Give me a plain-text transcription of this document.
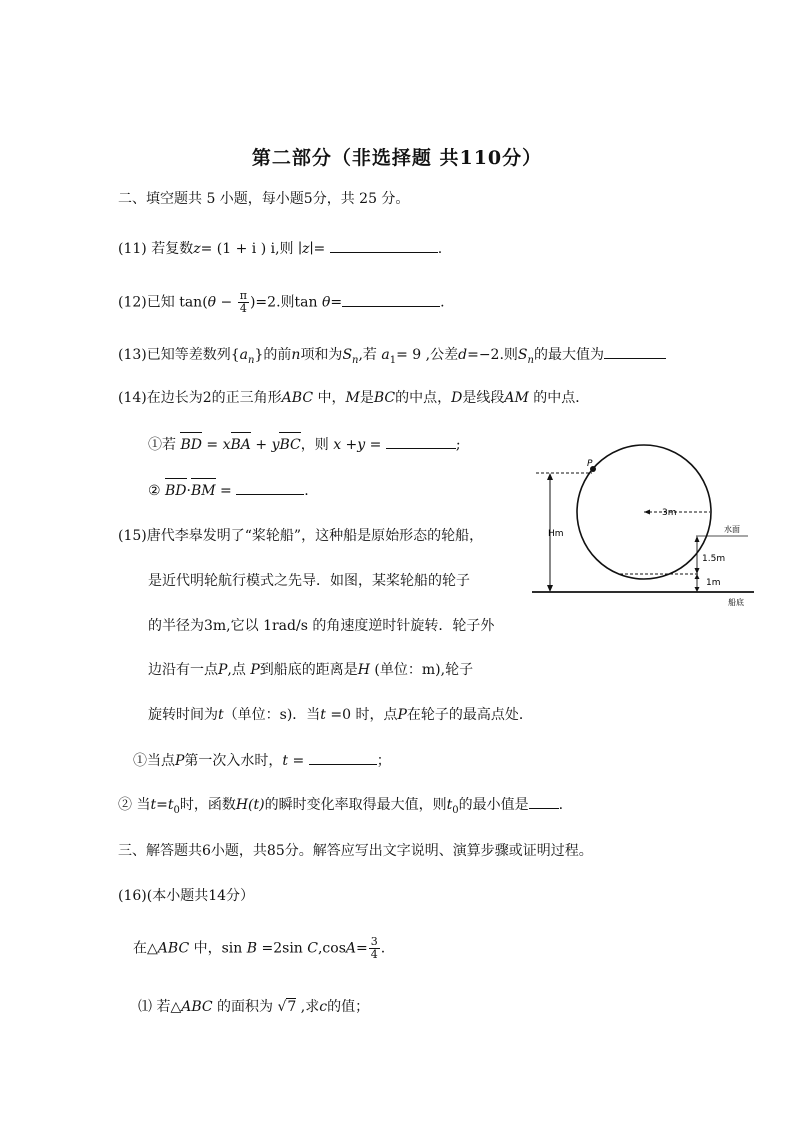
第二部分（非选择题 共110分）
二、填空题共 5 小题，每小题5分，共 25 分。
(11) 若复数z= (1 + i ) i,则 ∣z∣=	.
(12)已知 $\tan(\theta - \frac{\pi}{4} )=2$.则tan θ=	.
(13)已知等差数列$\{a_n\}$的前n项和为$S_n$,若 $a_1= 9$ ,公差d=−2.则$S_n$的最大值为
(14)在边长为2的正三角形ABC 中，M是BC的中点，D是线段AM 的中点．
①若 BD = xBA + yBC，则 x +y =	;
② BD·BM =	.
(15)唐代李皋发明了“桨轮船”，这种船是原始形态的轮船，
是近代明轮航行模式之先导．如图，某桨轮船的轮子
的半径为3m,它以 1rad/s 的角速度逆时针旋转．轮子外
边沿有一点P,点 P到船底的距离是H (单位：m),轮子
旋转时间为t（单位：s)．当t =0 时，点P在轮子的最高点处．
①当点P第一次入水时，t =	；
② 当$t=t_0$时，函数H(t)的瞬时变化率取得最大值，则$t_0$的最小值是 .
P
Hm
3m
水面
1.5m
1m
船底
三、解答题共6小题，共85分。解答应写出文字说明、演算步骤或证明过程。
(16)(本小题共14分）
在△ABC 中，sin B =2sin $C,\cos A= \frac{3}{4}$ .
⑴ 若△ABC 的面积为 √7 ,求c的值；
